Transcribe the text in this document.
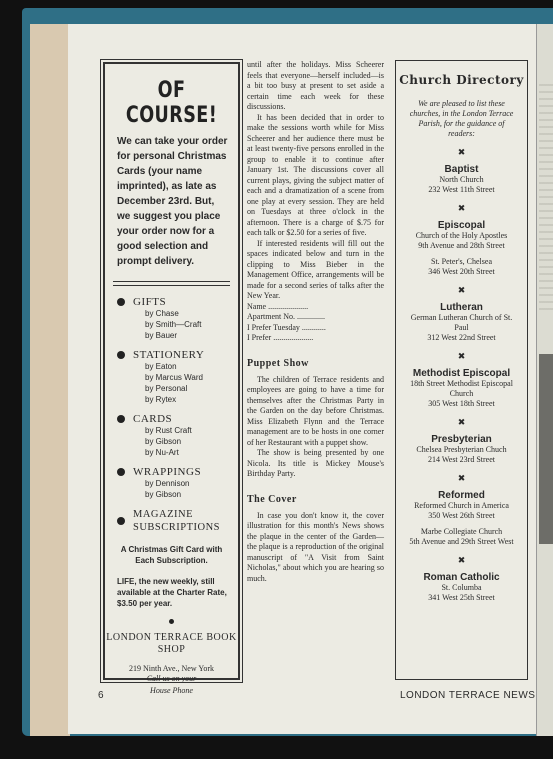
OF COURSE!
We can take your order for personal Christmas Cards (your name imprinted), as late as December 23rd. But, we suggest you place your order now for a good selection and prompt delivery.
GIFTS
by Chase
by Smith—Craft
by Bauer
STATIONERY
by Eaton
by Marcus Ward
by Personal
by Rytex
CARDS
by Rust Craft
by Gibson
by Nu-Art
WRAPPINGS
by Dennison
by Gibson
MAGAZINE SUBSCRIPTIONS
A Christmas Gift Card with Each Subscription.
LIFE, the new weekly, still available at the Charter Rate, $3.50 per year.
LONDON TERRACE BOOK SHOP
219 Ninth Ave., New York
Call us on your
House Phone

until after the holidays. Miss Scheerer feels that everyone—herself included—is a bit too busy at present to set aside a certain time each week for these discussions.

It has been decided that in order to make the sessions worth while for Miss Scheerer and her audience there must be at least twenty-five persons enrolled in the group to enable it to continue after January 1st. The discussions cover all current plays, giving the subject matter of each and a dramatization of a scene from one play at every session. They are held on Tuesdays at three o'clock in the afternoon. There is a charge of $.75 for each talk or $2.50 for a series of five.

If interested residents will fill out the spaces indicated below and turn in the clipping to Miss Bieber in the Management Office, arrangements will be made for a second series of talks after the New Year.

Name ....................
Apartment No. ..............
I Prefer Tuesday ............
I Prefer ....................
Puppet Show

The children of Terrace residents and employees are going to have a time for themselves after the Christmas Party in the Garden on the day before Christmas. Miss Elizabeth Flynn and the Terrace management are to be hosts in one corner of her Restaurant with a puppet show.

The show is being presented by one Nicola. Its title is Mickey Mouse's Birthday Party.

The Cover

In case you don't know it, the cover illustration for this month's News shows the plaque in the center of the Garden—the plaque is a reproduction of the original manuscript of "A Visit from Saint Nicholas," about which you are hearing so much.

Church Directory
We are pleased to list these churches, in the London Terrace Parish, for the guidance of readers:
✖
Baptist
North Church
232 West 11th Street
✖
Episcopal
Church of the Holy Apostles
9th Avenue and 28th Street
St. Peter's, Chelsea
346 West 20th Street
✖
Lutheran
German Lutheran Church of St. Paul
312 West 22nd Street
✖
Methodist Episcopal
18th Street Methodist Episcopal Church
305 West 18th Street
✖
Presbyterian
Chelsea Presbyterian Chuch
214 West 23rd Street
✖
Reformed
Reformed Church in America
350 West 26th Street
Marbe Collegiate Church
5th Avenue and 29th Street West
✖
Roman Catholic
St. Columba
341 West 25th Street
6	LONDON TERRACE NEWS
